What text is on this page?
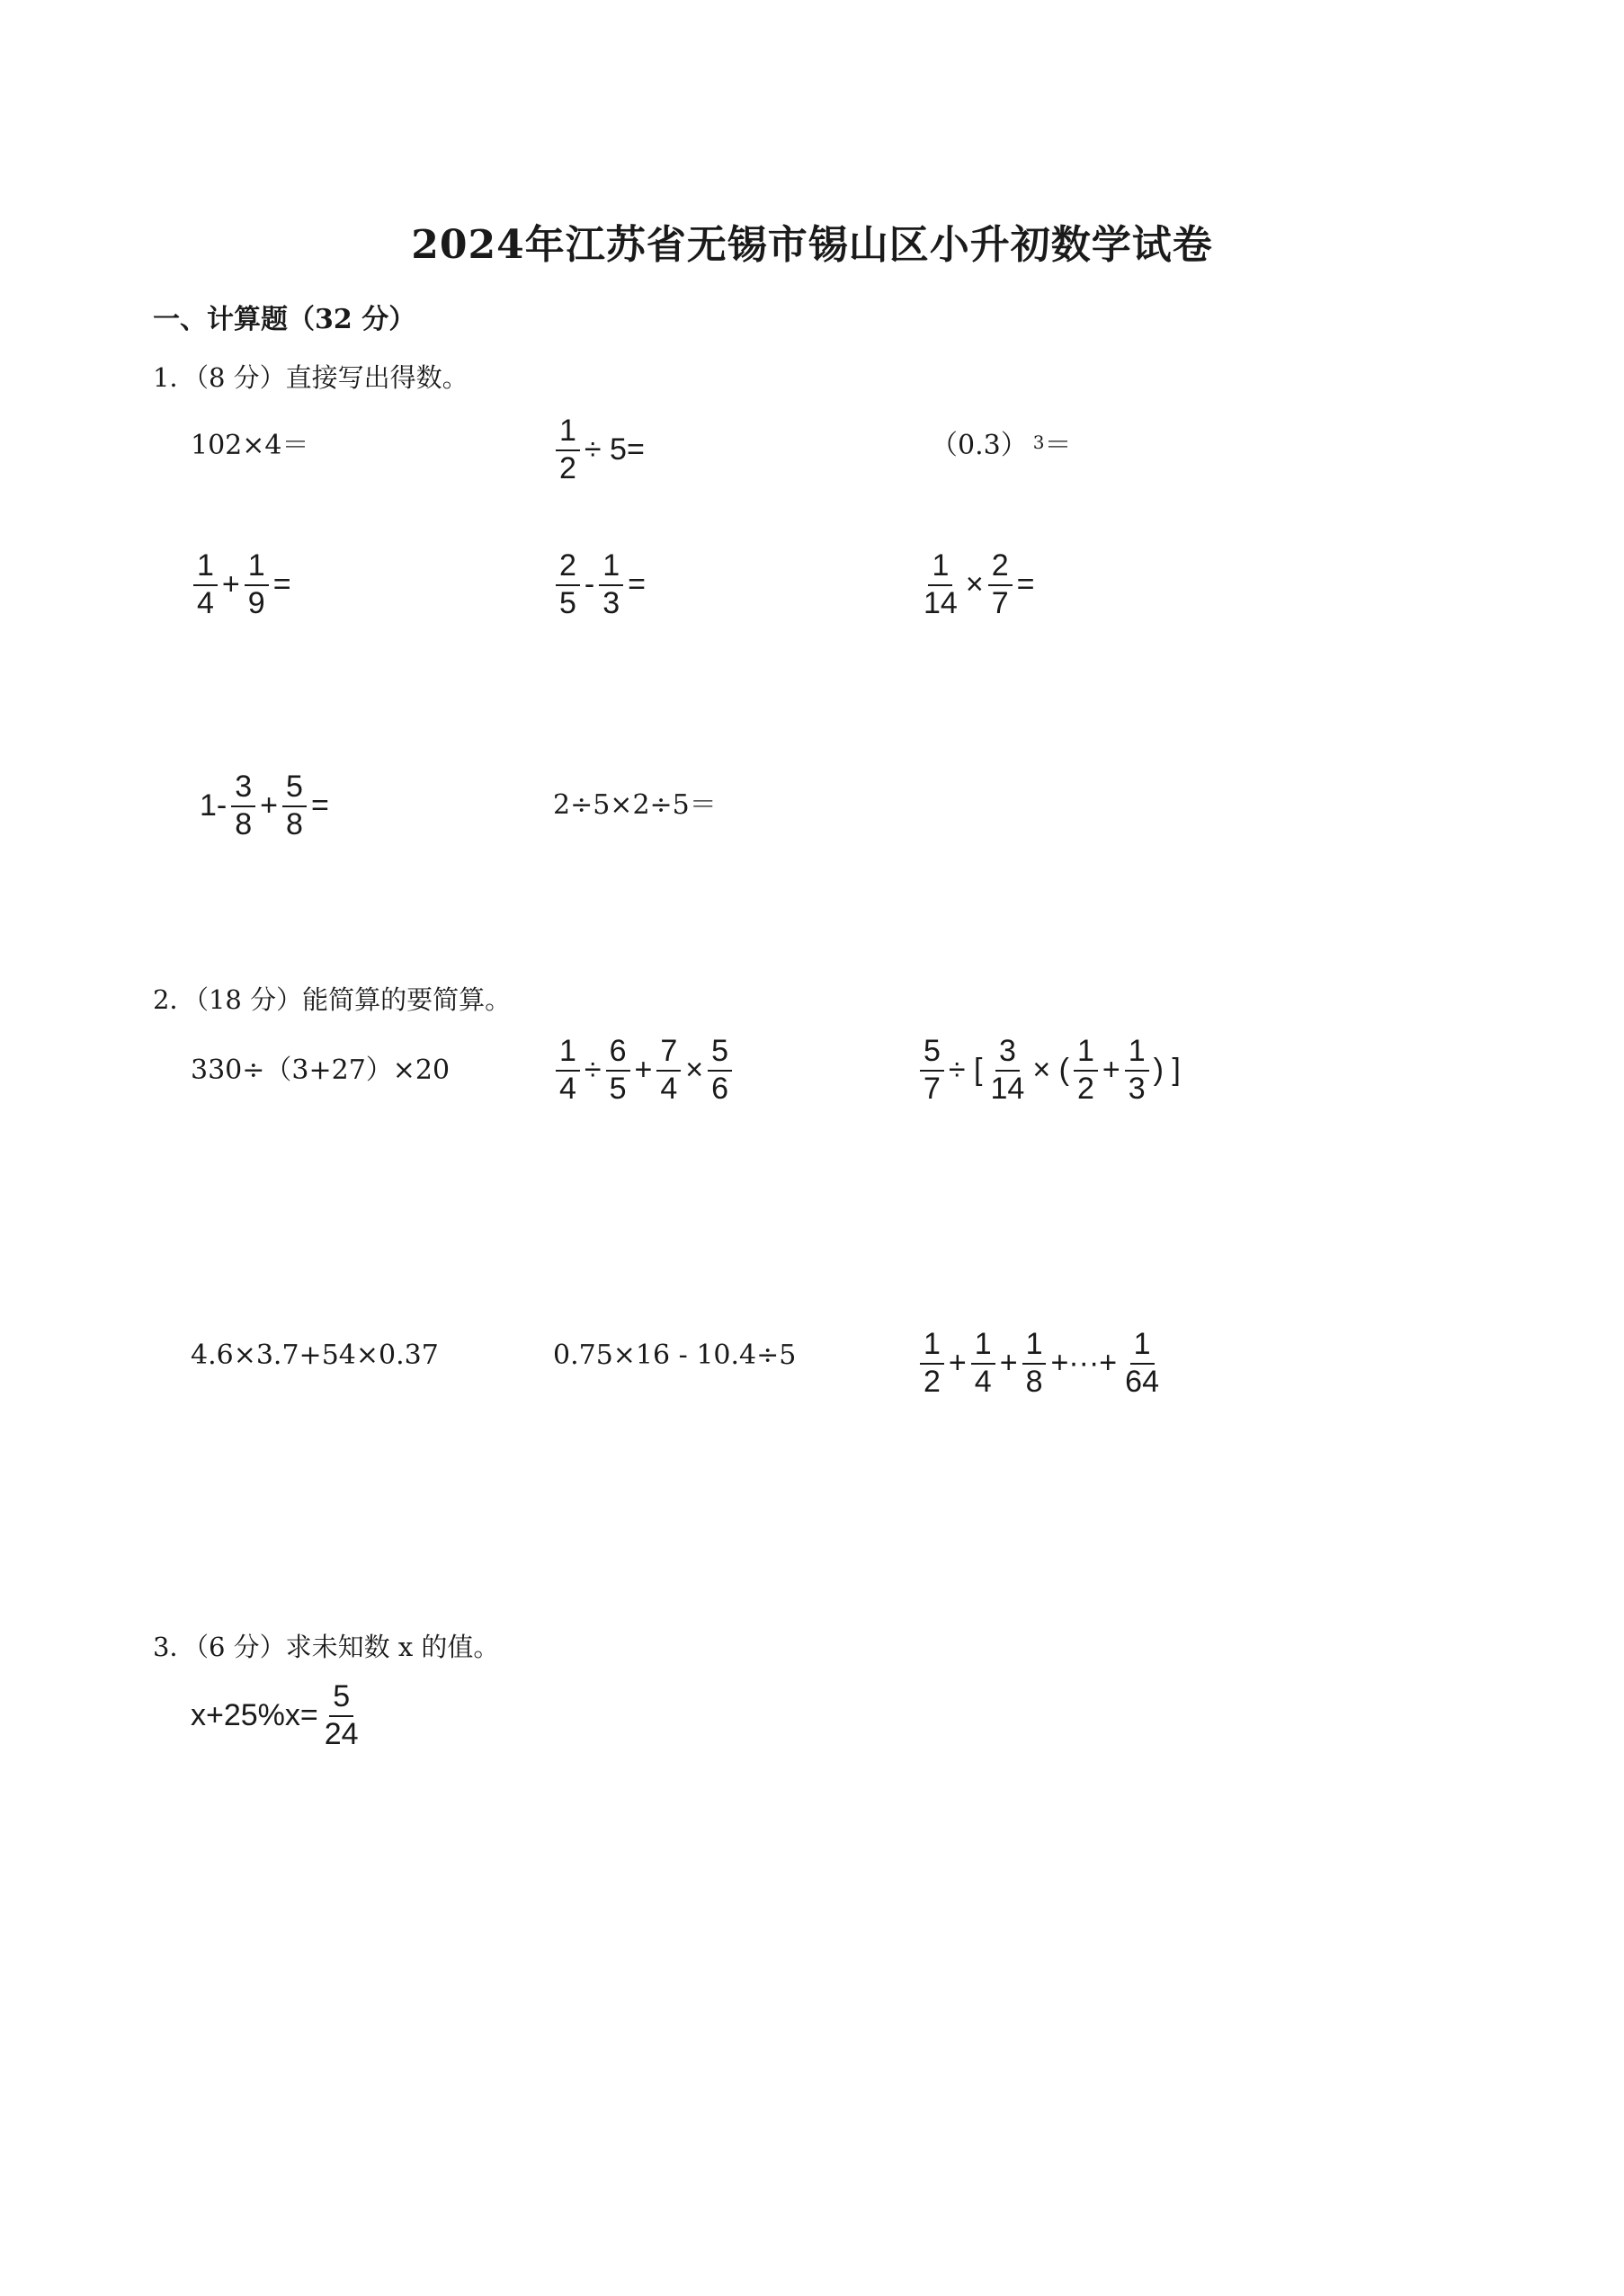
2024年江苏省无锡市锡山区小升初数学试卷
一、计算题（32 分）
1．（8 分）直接写出得数。
102×4＝	$\frac{1}{2} \div 5=$	（0.3） 3 ＝
$\frac{1}{4} + \frac{1}{9}$ =	$\frac{2}{5} - \frac{1}{3}$ =	$\frac{1}{14} \times \frac{2}{7}$ =
$1- \frac{3}{8} + \frac{5}{8}$ =	2÷5×2÷5＝
2．（18 分）能简算的要简算。
330÷（3+27）×20	$\frac{1}{4} \div \frac{6}{5} + \frac{7}{4} \times \frac{5}{6}$	$\frac{5}{7}$ ÷ [ $\frac{3}{14}$ × ( $\frac{1}{2} + \frac{1}{3}$ ) ]
4.6×3.7+54×0.37	0.75×16 - 10.4÷5	$\frac{1}{2} + \frac{1}{4} + \frac{1}{8}$ +···+ $\frac{1}{64}$
3．（6 分）求未知数 x 的值。
$x+25\%x= \frac{5}{24}$
